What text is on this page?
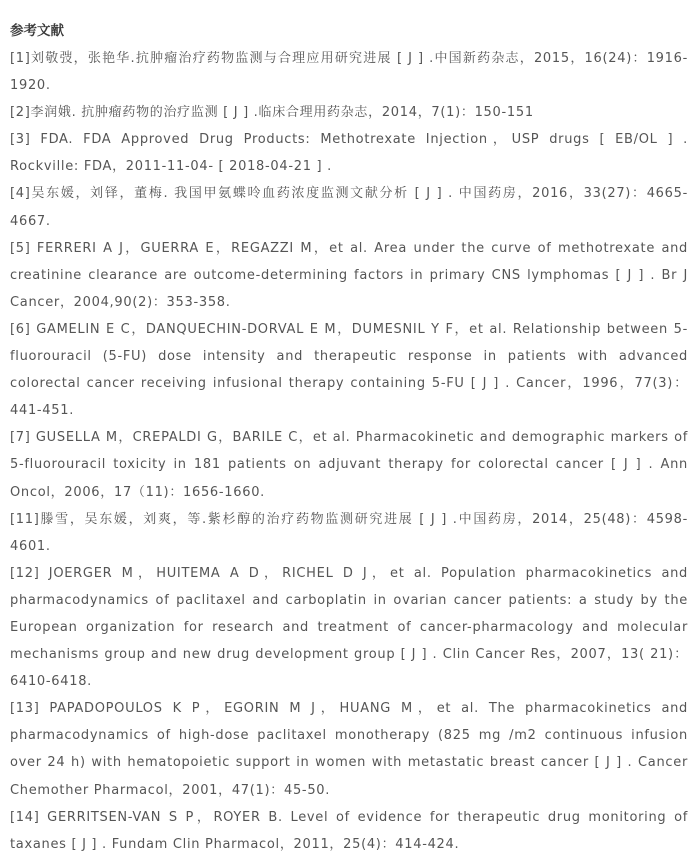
参考文献

[1]刘敬弢，张艳华.抗肿瘤治疗药物监测与合理应用研究进展 [ J ] .中国新药杂志，2015，16(24)：1916-1920.

[2]李润娥. 抗肿瘤药物的治疗监测 [ J ] .临床合理用药杂志，2014，7(1)：150-151

[3] FDA. FDA Approved Drug Products: Methotrexate Injection，USP drugs [ EB/OL ] . Rockville: FDA，2011-11-04- [ 2018-04-21 ] .

[4]吴东媛，刘铎，董梅. 我国甲氨蝶呤血药浓度监测文献分析 [ J ] . 中国药房，2016，33(27)：4665-4667.

[5] FERRERI A J，GUERRA E，REGAZZI M，et al. Area under the curve of methotrexate and creatinine clearance are outcome-determining factors in primary CNS lymphomas [ J ] . Br J Cancer，2004,90(2)：353-358.

[6] GAMELIN E C，DANQUECHIN-DORVAL E M，DUMESNIL Y F，et al. Relationship between 5-fluorouracil (5-FU) dose intensity and therapeutic response in patients with advanced colorectal cancer receiving infusional therapy containing 5-FU [ J ] . Cancer，1996，77(3)：441-451.

[7] GUSELLA M，CREPALDI G，BARILE C，et al. Pharmacokinetic and demographic markers of 5-fluorouracil toxicity in 181 patients on adjuvant therapy for colorectal cancer [ J ] . Ann Oncol，2006，17（11)：1656-1660.

[11]滕雪，吴东媛，刘爽，等.紫杉醇的治疗药物监测研究进展 [ J ] .中国药房，2014，25(48)：4598-4601.

[12] JOERGER M，HUITEMA A D，RICHEL D J，et al. Population pharmacokinetics and pharmacodynamics of paclitaxel and carboplatin in ovarian cancer patients: a study by the European organization for research and treatment of cancer-pharmacology and molecular mechanisms group and new drug development group [ J ] . Clin Cancer Res，2007，13( 21)：6410-6418.

[13] PAPADOPOULOS K P，EGORIN M J，HUANG M，et al. The pharmacokinetics and pharmacodynamics of high-dose paclitaxel monotherapy (825 mg /m2 continuous infusion over 24 h) with hematopoietic support in women with metastatic breast cancer [ J ] . Cancer Chemother Pharmacol，2001，47(1)：45-50.

[14] GERRITSEN-VAN S P，ROYER B. Level of evidence for therapeutic drug monitoring of taxanes [ J ] . Fundam Clin Pharmacol，2011，25(4)：414-424.
